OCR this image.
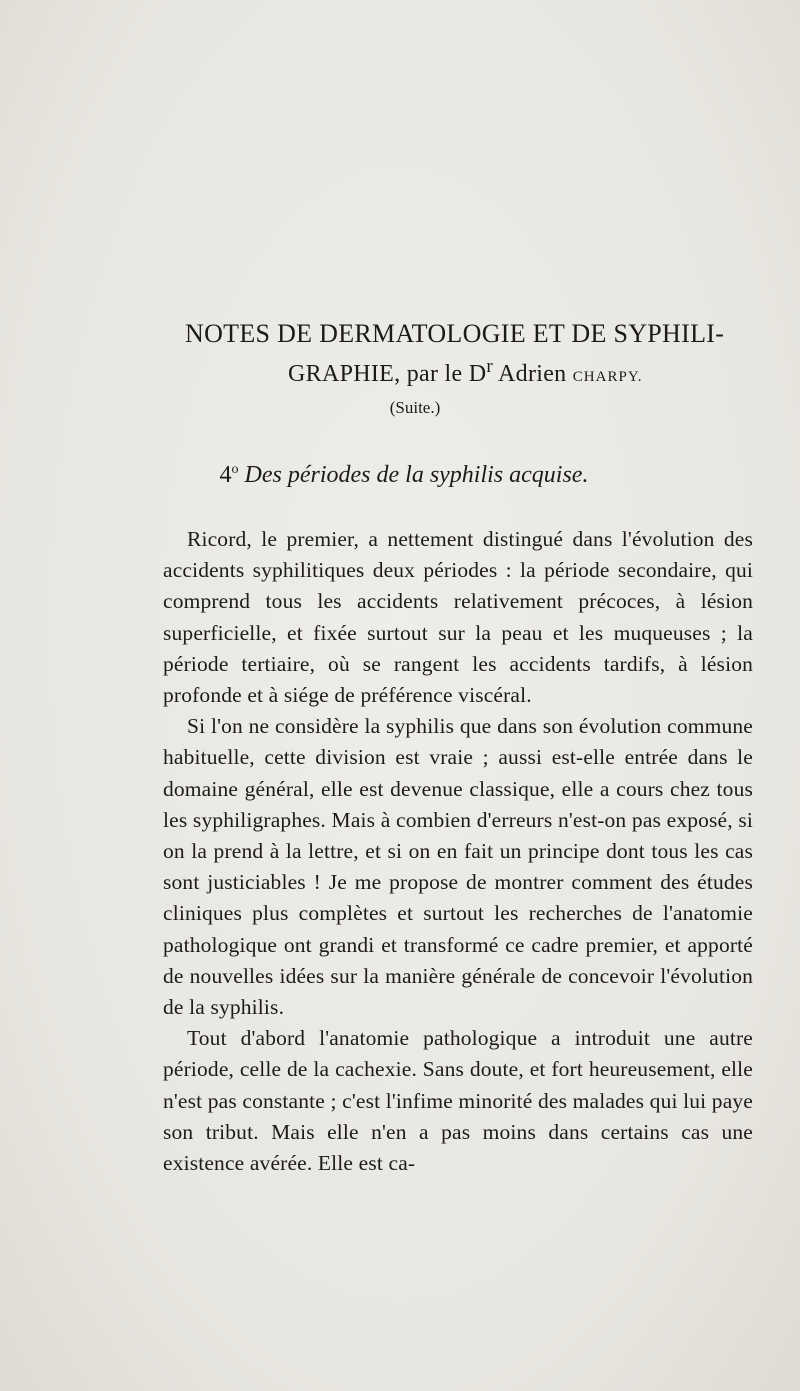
NOTES DE DERMATOLOGIE ET DE SYPHILI-
GRAPHIE, par le $D^r$ Adrien CHARPY.
(Suite.)
4$^o$ Des périodes de la syphilis acquise.

Ricord, le premier, a nettement distingué dans l'évolution des accidents syphilitiques deux périodes : la période secondaire, qui comprend tous les accidents relativement précoces, à lésion superficielle, et fixée surtout sur la peau et les muqueuses ; la période tertiaire, où se rangent les accidents tardifs, à lésion profonde et à siége de préférence viscéral.

Si l'on ne considère la syphilis que dans son évolution commune habituelle, cette division est vraie ; aussi est-elle entrée dans le domaine général, elle est devenue classique, elle a cours chez tous les syphiligraphes. Mais à combien d'erreurs n'est-on pas exposé, si on la prend à la lettre, et si on en fait un principe dont tous les cas sont justiciables ! Je me propose de montrer comment des études cliniques plus complètes et surtout les recherches de l'anatomie pathologique ont grandi et transformé ce cadre premier, et apporté de nouvelles idées sur la manière générale de concevoir l'évolution de la syphilis.

Tout d'abord l'anatomie pathologique a introduit une autre période, celle de la cachexie. Sans doute, et fort heureusement, elle n'est pas constante ; c'est l'infime minorité des malades qui lui paye son tribut. Mais elle n'en a pas moins dans certains cas une existence avérée. Elle est ca-
